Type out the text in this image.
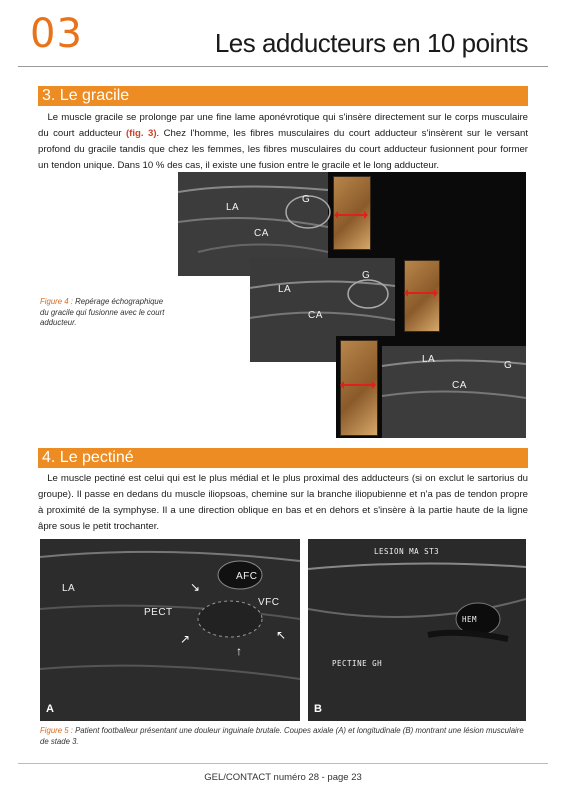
03	Les adducteurs en 10 points
3. Le gracile
Le muscle gracile se prolonge par une fine lame aponévrotique qui s'insère directement sur le corps musculaire du court adducteur (fig. 3). Chez l'homme, les fibres musculaires du court adducteur s'insèrent sur le versant profond du gracile tandis que chez les femmes, les fibres musculaires du court adducteur fusionnent pour former un tendon unique. Dans 10 % des cas, il existe une fusion entre le gracile et le long adducteur.
LA
CA
G
LA
CA
G
LA
CA
G
Figure 4 : Repérage échographique du gracile qui fusionne avec le court adducteur.
4. Le pectiné
Le muscle pectiné est celui qui est le plus médial et le plus proximal des adducteurs (si on exclut le sartorius du groupe). Il passe en dedans du muscle iliopsoas, chemine sur la branche iliopubienne et n'a pas de tendon propre à proximité de la symphyse. Il a une direction oblique en bas et en dehors et s'insère à la partie haute de la ligne âpre sous le petit trochanter.
↘
↗
↑
↖
LA
PECT
AFC
VFC
A
LESION MA ST3
HEM
PECTINE GH
B
Figure 5 : Patient footballeur présentant une douleur inguinale brutale. Coupes axiale (A) et longitudinale (B) montrant une lésion musculaire de stade 3.
GEL/CONTACT numéro 28 - page 23
